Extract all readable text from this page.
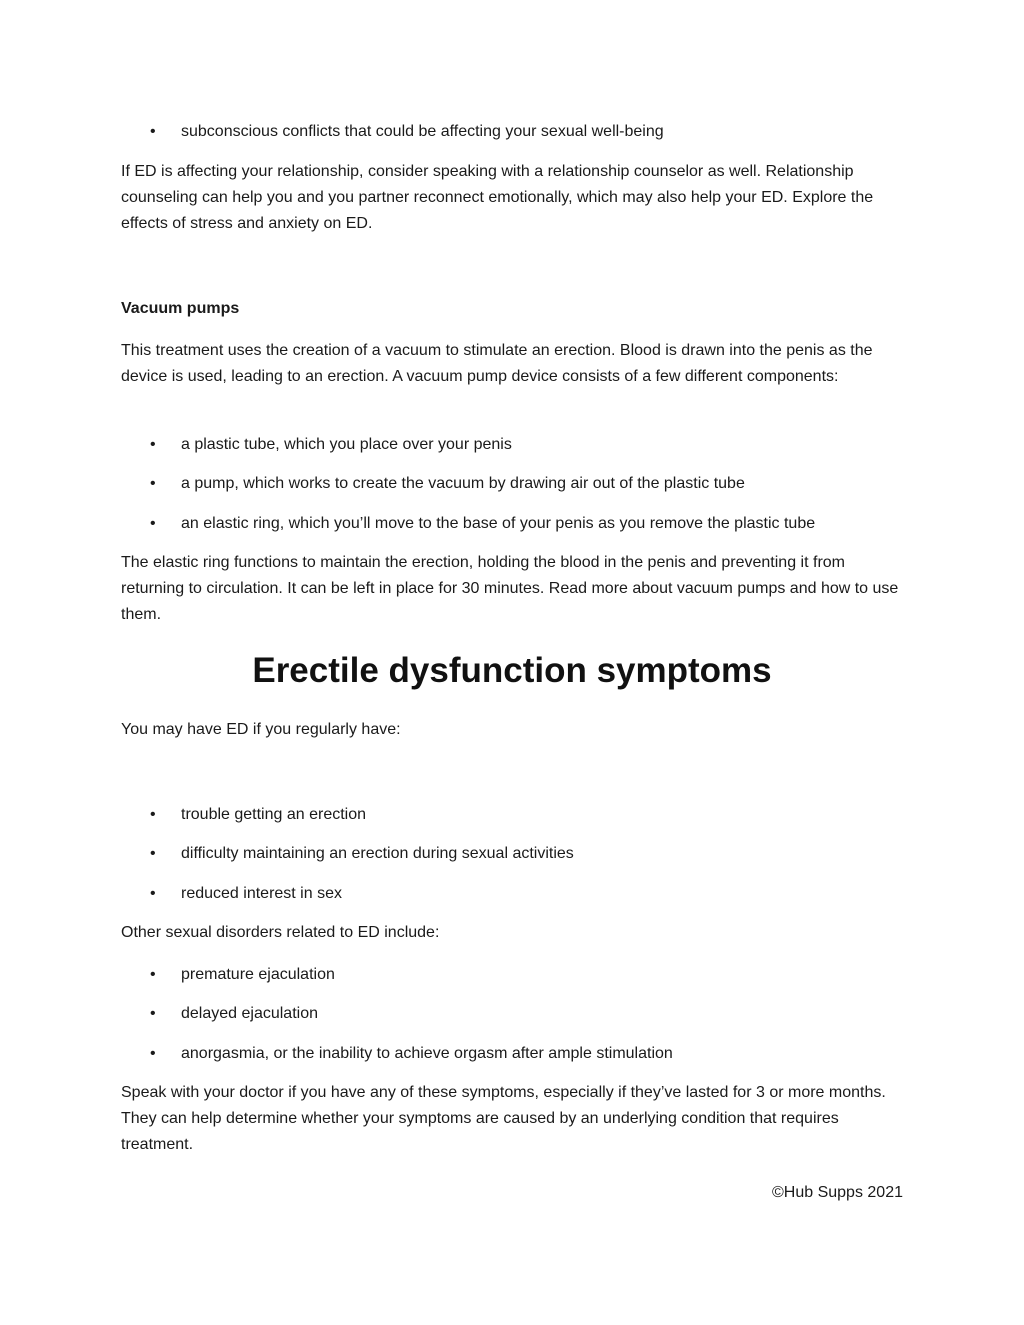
• subconscious conflicts that could be affecting your sexual well-being

If ED is affecting your relationship, consider speaking with a relationship counselor as well. Relationship counseling can help you and you partner reconnect emotionally, which may also help your ED. Explore the effects of stress and anxiety on ED.

Vacuum pumps

This treatment uses the creation of a vacuum to stimulate an erection. Blood is drawn into the penis as the device is used, leading to an erection. A vacuum pump device consists of a few different components:

• a plastic tube, which you place over your penis
• a pump, which works to create the vacuum by drawing air out of the plastic tube
• an elastic ring, which you’ll move to the base of your penis as you remove the plastic tube

The elastic ring functions to maintain the erection, holding the blood in the penis and preventing it from returning to circulation. It can be left in place for 30 minutes. Read more about vacuum pumps and how to use them.

Erectile dysfunction symptoms

You may have ED if you regularly have:

• trouble getting an erection
• difficulty maintaining an erection during sexual activities
• reduced interest in sex

Other sexual disorders related to ED include:

• premature ejaculation
• delayed ejaculation
• anorgasmia, or the inability to achieve orgasm after ample stimulation

Speak with your doctor if you have any of these symptoms, especially if they’ve lasted for 3 or more months. They can help determine whether your symptoms are caused by an underlying condition that requires treatment.

©Hub Supps 2021
